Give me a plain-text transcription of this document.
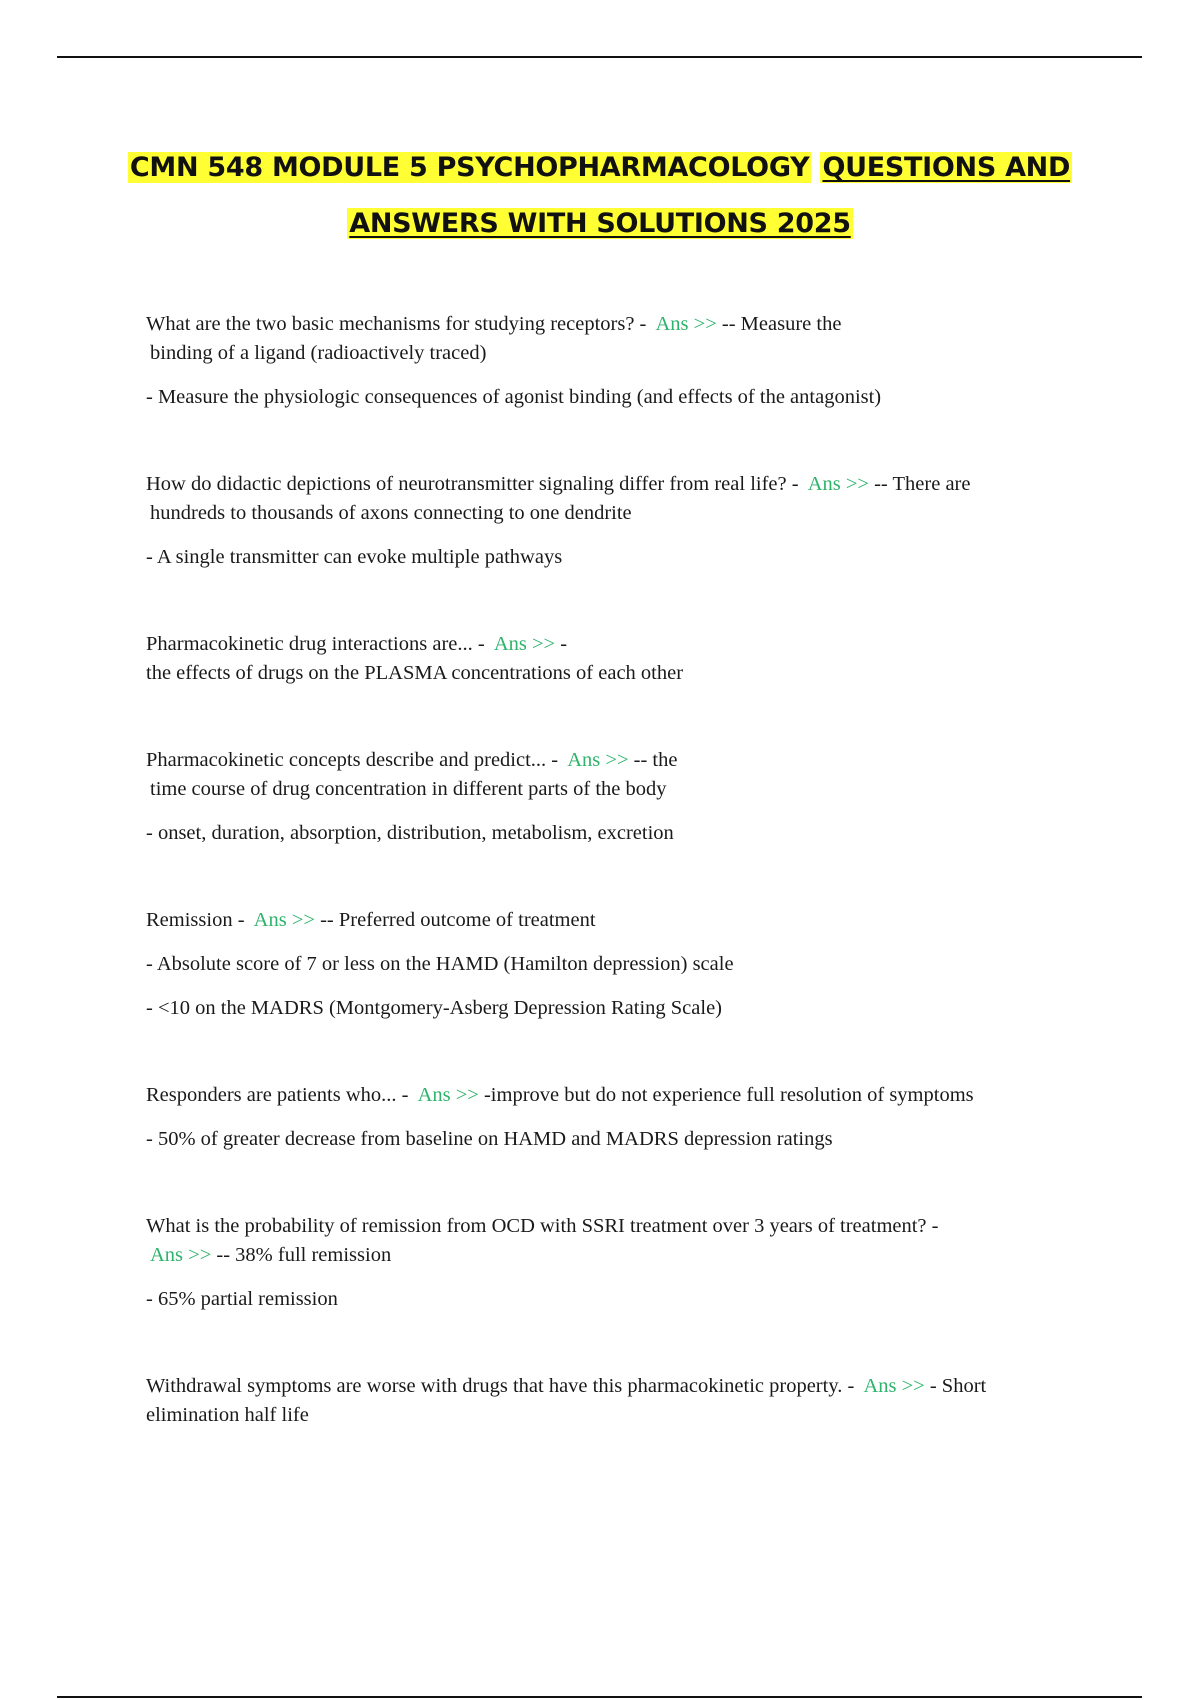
CMN 548 MODULE 5 PSYCHOPHARMACOLOGY QUESTIONS AND
ANSWERS WITH SOLUTIONS 2025

What are the two basic mechanisms for studying receptors? - Ans >> -- Measure the
binding of a ligand (radioactively traced)

- Measure the physiologic consequences of agonist binding (and effects of the antagonist)

How do didactic depictions of neurotransmitter signaling differ from real life? - Ans >> -- There are
hundreds to thousands of axons connecting to one dendrite

- A single transmitter can evoke multiple pathways

Pharmacokinetic drug interactions are... - Ans >> -
the effects of drugs on the PLASMA concentrations of each other

Pharmacokinetic concepts describe and predict... - Ans >> -- the
time course of drug concentration in different parts of the body

- onset, duration, absorption, distribution, metabolism, excretion

Remission - Ans >> -- Preferred outcome of treatment

- Absolute score of 7 or less on the HAMD (Hamilton depression) scale

- <10 on the MADRS (Montgomery-Asberg Depression Rating Scale)

Responders are patients who... - Ans >> -improve but do not experience full resolution of symptoms

- 50% of greater decrease from baseline on HAMD and MADRS depression ratings

What is the probability of remission from OCD with SSRI treatment over 3 years of treatment? -
Ans >> -- 38% full remission

- 65% partial remission

Withdrawal symptoms are worse with drugs that have this pharmacokinetic property. - Ans >> - Short
elimination half life
